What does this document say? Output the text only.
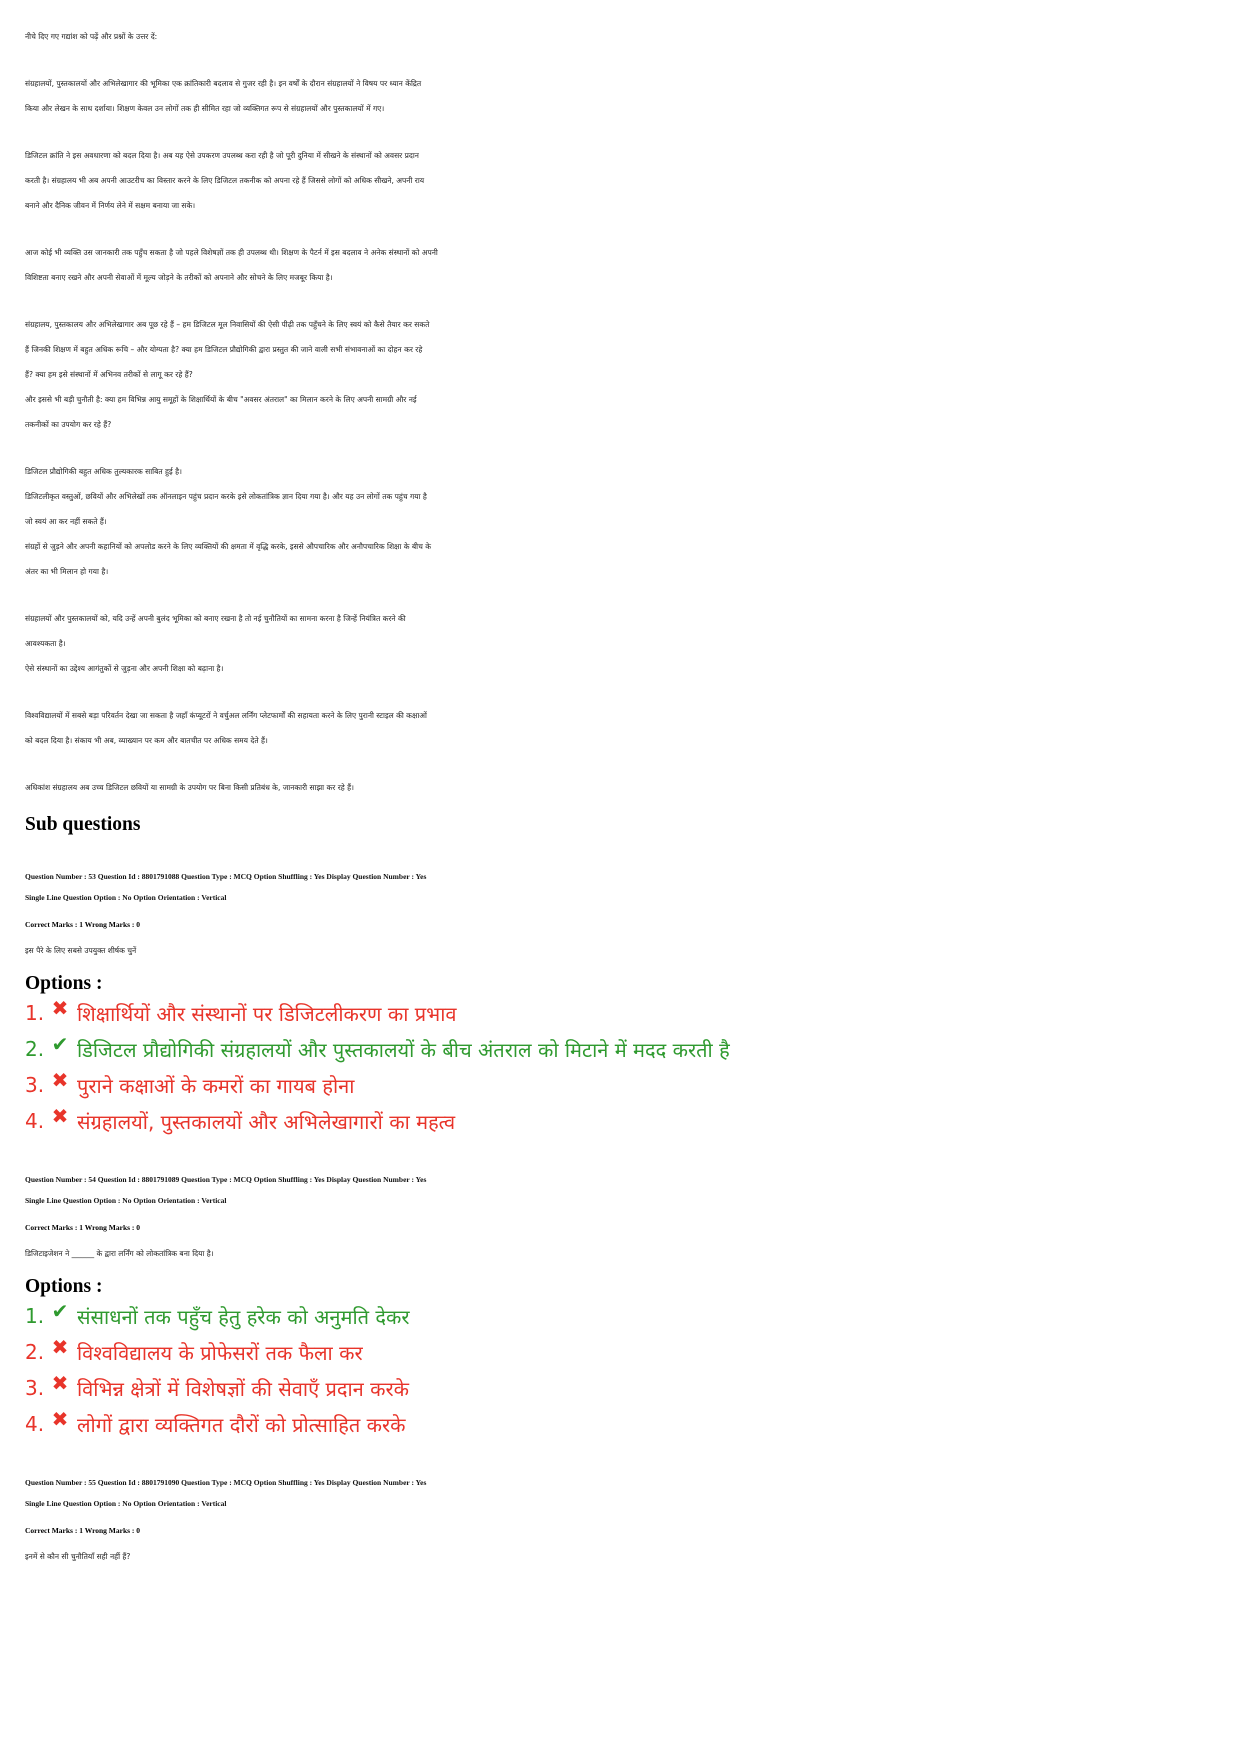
नीचे दिए गए गद्यांश को पढ़ें और प्रश्नों के उत्तर दें:
संग्रहालयों, पुस्तकालयों और अभिलेखागार की भूमिका एक क्रांतिकारी बदलाव से गुजर रही है। इन वर्षों के दौरान संग्रहालयों ने विषय पर ध्यान केंद्रित
किया और लेखन के साथ दर्शाया। शिक्षण केवल उन लोगों तक ही सीमित रहा जो व्यक्तिगत रूप से संग्रहालयों और पुस्तकालयों में गए।
डिजिटल क्रांति ने इस अवधारणा को बदल दिया है। अब यह ऐसे उपकरण उपलब्ध करा रही है जो पूरी दुनिया में सीखने के संस्थानों को अवसर प्रदान
करती है। संग्रहालय भी अब अपनी आउटरीच का विस्तार करने के लिए डिजिटल तकनीक को अपना रहे हैं जिससे लोगों को अधिक सीखने, अपनी राय
बनाने और दैनिक जीवन में निर्णय लेने में सक्षम बनाया जा सके।
आज कोई भी व्यक्ति उस जानकारी तक पहुँच सकता है जो पहले विशेषज्ञों तक ही उपलब्ध थी। शिक्षण के पैटर्न में इस बदलाव ने अनेक संस्थानों को अपनी
विशिष्टता बनाए रखने और अपनी सेवाओं में मूल्य जोड़ने के तरीकों को अपनाने और सोचने के लिए मजबूर किया है।
संग्रहालय, पुस्तकालय और अभिलेखागार अब पूछ रहे हैं – हम डिजिटल मूल निवासियों की ऐसी पीढ़ी तक पहुँचने के लिए स्वयं को कैसे तैयार कर सकते
हैं जिनकी शिक्षण में बहुत अधिक रूचि – और योग्यता है? क्या हम डिजिटल प्रौद्योगिकी द्वारा प्रस्तुत की जाने वाली सभी संभावनाओं का दोहन कर रहे
हैं? क्या हम इसे संस्थानों में अभिनव तरीकों से लागू कर रहे हैं?
और इससे भी बड़ी चुनौती है: क्या हम विभिन्न आयु समूहों के शिक्षार्थियों के बीच "अवसर अंतराल" का मिलान करने के लिए अपनी सामग्री और नई
तकनीकों का उपयोग कर रहे हैं?
डिजिटल प्रौद्योगिकी बहुत अधिक तुल्यकारक साबित हुई है।
डिजिटलीकृत वस्तुओं, छवियों और अभिलेखों तक ऑनलाइन पहुंच प्रदान करके इसे लोकतांत्रिक ज्ञान दिया गया है। और यह उन लोगों तक पहुंच गया है
जो स्वयं आ कर नहीं सकते हैं।
संग्रहों से जुड़ने और अपनी कहानियों को अपलोड करने के लिए व्यक्तियों की क्षमता में वृद्धि करके, इससे औपचारिक और अनौपचारिक शिक्षा के बीच के
अंतर का भी मिलान हो गया है।
संग्रहालयों और पुस्तकालयों को, यदि उन्हें अपनी बुलंद भूमिका को बनाए रखना है तो नई चुनौतियों का सामना करना है जिन्हें नियंत्रित करने की
आवश्यकता है।
ऐसे संस्थानों का उद्देश्य आगंतुकों से जुड़ना और अपनी शिक्षा को बढ़ाना है।
विश्वविद्यालयों में सबसे बड़ा परिवर्तन देखा जा सकता है जहाँ कंप्यूटरों ने वर्चुअल लर्निंग प्लेटफार्मों की सहायता करने के लिए पुरानी स्टाइल की कक्षाओं
को बदल दिया है। संकाय भी अब, व्याख्यान पर कम और बातचीत पर अधिक समय देते हैं।
अधिकांश संग्रहालय अब उच्च डिजिटल छवियों या सामग्री के उपयोग पर बिना किसी प्रतिबंध के, जानकारी साझा कर रहे हैं।
Sub questions
Question Number : 53 Question Id : 8801791088 Question Type : MCQ Option Shuffling : Yes Display Question Number : Yes
Single Line Question Option : No Option Orientation : Vertical
Correct Marks : 1 Wrong Marks : 0
इस पैरे के लिए सबसे उपयुक्त शीर्षक चुनें
Options :
1. ✖ शिक्षार्थियों और संस्थानों पर डिजिटलीकरण का प्रभाव
2. ✔ डिजिटल प्रौद्योगिकी संग्रहालयों और पुस्तकालयों के बीच अंतराल को मिटाने में मदद करती है
3. ✖ पुराने कक्षाओं के कमरों का गायब होना
4. ✖ संग्रहालयों, पुस्तकालयों और अभिलेखागारों का महत्व
Question Number : 54 Question Id : 8801791089 Question Type : MCQ Option Shuffling : Yes Display Question Number : Yes
Single Line Question Option : No Option Orientation : Vertical
Correct Marks : 1 Wrong Marks : 0
डिजिटाइजेशन ने ______ के द्वारा लर्निंग को लोकतांत्रिक बना दिया है।
Options :
1. ✔ संसाधनों तक पहुँच हेतु हरेक को अनुमति देकर
2. ✖ विश्वविद्यालय के प्रोफेसरों तक फैला कर
3. ✖ विभिन्न क्षेत्रों में विशेषज्ञों की सेवाएँ प्रदान करके
4. ✖ लोगों द्वारा व्यक्तिगत दौरों को प्रोत्साहित करके
Question Number : 55 Question Id : 8801791090 Question Type : MCQ Option Shuffling : Yes Display Question Number : Yes
Single Line Question Option : No Option Orientation : Vertical
Correct Marks : 1 Wrong Marks : 0
इनमें से कौन सी चुनौतियाँ सही नहीं हैं?
